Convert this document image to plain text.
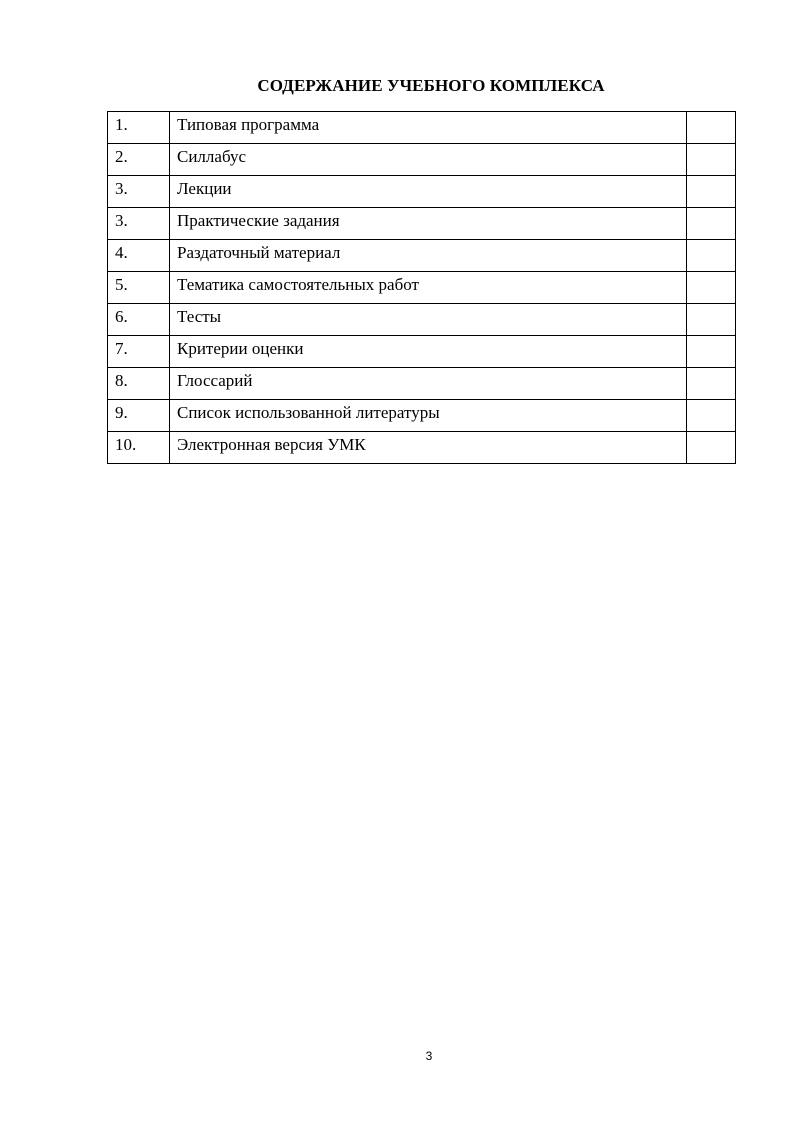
СОДЕРЖАНИЕ УЧЕБНОГО КОМПЛЕКСА
1.	Типовая программа	
2.	Силлабус	
3.	Лекции	
3.	Практические задания	
4.	Раздаточный материал	
5.	Тематика самостоятельных работ	
6.	Тесты	
7.	Критерии оценки	
8.	Глоссарий	
9.	Список использованной литературы	
10.	Электронная версия УМК	
3
